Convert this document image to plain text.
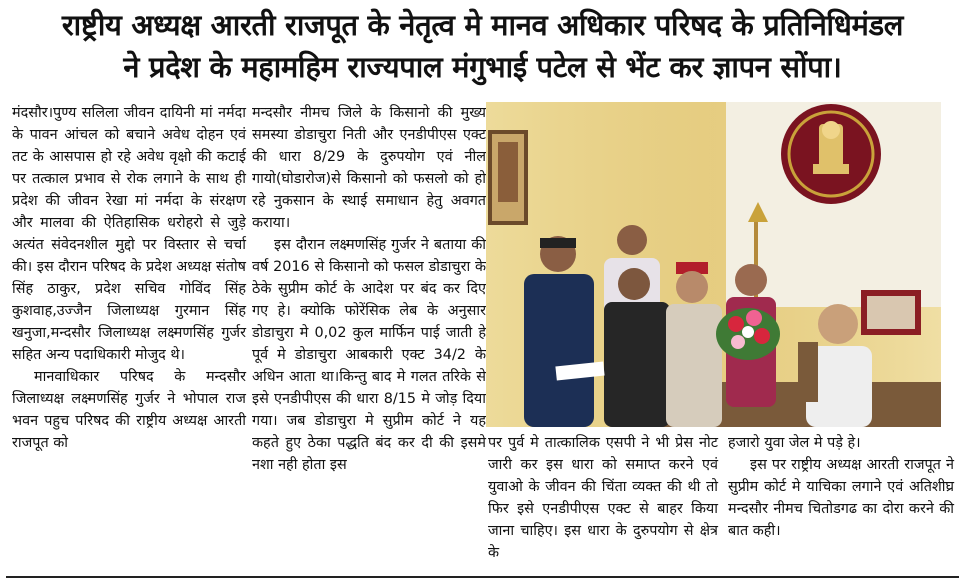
राष्ट्रीय अध्यक्ष आरती राजपूत के नेतृत्व मे मानव अधिकार परिषद के प्रतिनिधिमंडल
ने प्रदेश के महामहिम राज्यपाल मंगुभाई पटेल से भेंट कर ज्ञापन सोंपा।

मंदसौर।पुण्य सलिला जीवन दायिनी मां नर्मदा के पावन आंचल को बचाने अवेध दोहन एवं तट के आसपास हो रहे अवेध वृक्षो की कटाई पर तत्काल प्रभाव से रोक लगाने के साथ ही प्रदेश की जीवन रेखा मां नर्मदा के संरक्षण और मालवा की ऐतिहासिक धरोहरो से जुड़े अत्यंत संवेदनशील मुद्दो पर विस्तार से चर्चा की। इस दौरान परिषद के प्रदेश अध्यक्ष संतोष सिंह ठाकुर, प्रदेश सचिव गोविंद सिंह कुशवाह,उज्जैन जिलाध्यक्ष गुरमान सिंह खनुजा,मन्दसौर जिलाध्यक्ष लक्ष्मणसिंह गुर्जर सहित अन्य पदाधिकारी मोजुद थे।

मानवाधिकार परिषद के मन्दसौर जिलाध्यक्ष लक्ष्मणसिंह गुर्जर ने भोपाल राज भवन पहुच परिषद की राष्ट्रीय अध्यक्ष आरती राजपूत को

मन्दसौर नीमच जिले के किसानो की मुख्य समस्या डोडाचुरा निती और एनडीपीएस एक्ट की धारा 8/29 के दुरुपयोग एवं नील गायो(घोडारोज)से किसानो को फसलो को हो रहे नुकसान के स्थाई समाधान हेतु अवगत कराया।

इस दौरान लक्ष्मणसिंह गुर्जर ने बताया की वर्ष 2016 से किसानो को फसल डोडाचुरा के ठेके सुप्रीम कोर्ट के आदेश पर बंद कर दिए गए हे। क्योकि फोरेंसिक लेब के अनुसार डोडाचुरा मे 0,02 कुल मार्फिन पाई जाती हे पूर्व मे डोडाचुरा आबकारी एक्ट 34/2 के अधिन आता था।किन्तु बाद मे गलत तरिके से इसे एनडीपीएस की धारा 8/15 मे जोड़ दिया गया। जब डोडाचुरा मे सुप्रीम कोर्ट ने यह कहते हुए ठेका पद्धति बंद कर दी की इसमे नशा नही होता इस

पर पुर्व मे तात्कालिक एसपी ने भी प्रेस नोट जारी कर इस धारा को समाप्त करने एवं युवाओ के जीवन की चिंता व्यक्त की थी तो फिर इसे एनडीपीएस एक्ट से बाहर किया जाना चाहिए। इस धारा के दुरुपयोग से क्षेत्र के

हजारो युवा जेल मे पड़े हे।

इस पर राष्ट्रीय अध्यक्ष आरती राजपूत ने सुप्रीम कोर्ट मे याचिका लगाने एवं अतिशीघ्र मन्दसौर नीमच चितोडगढ का दोरा करने की बात कही।
